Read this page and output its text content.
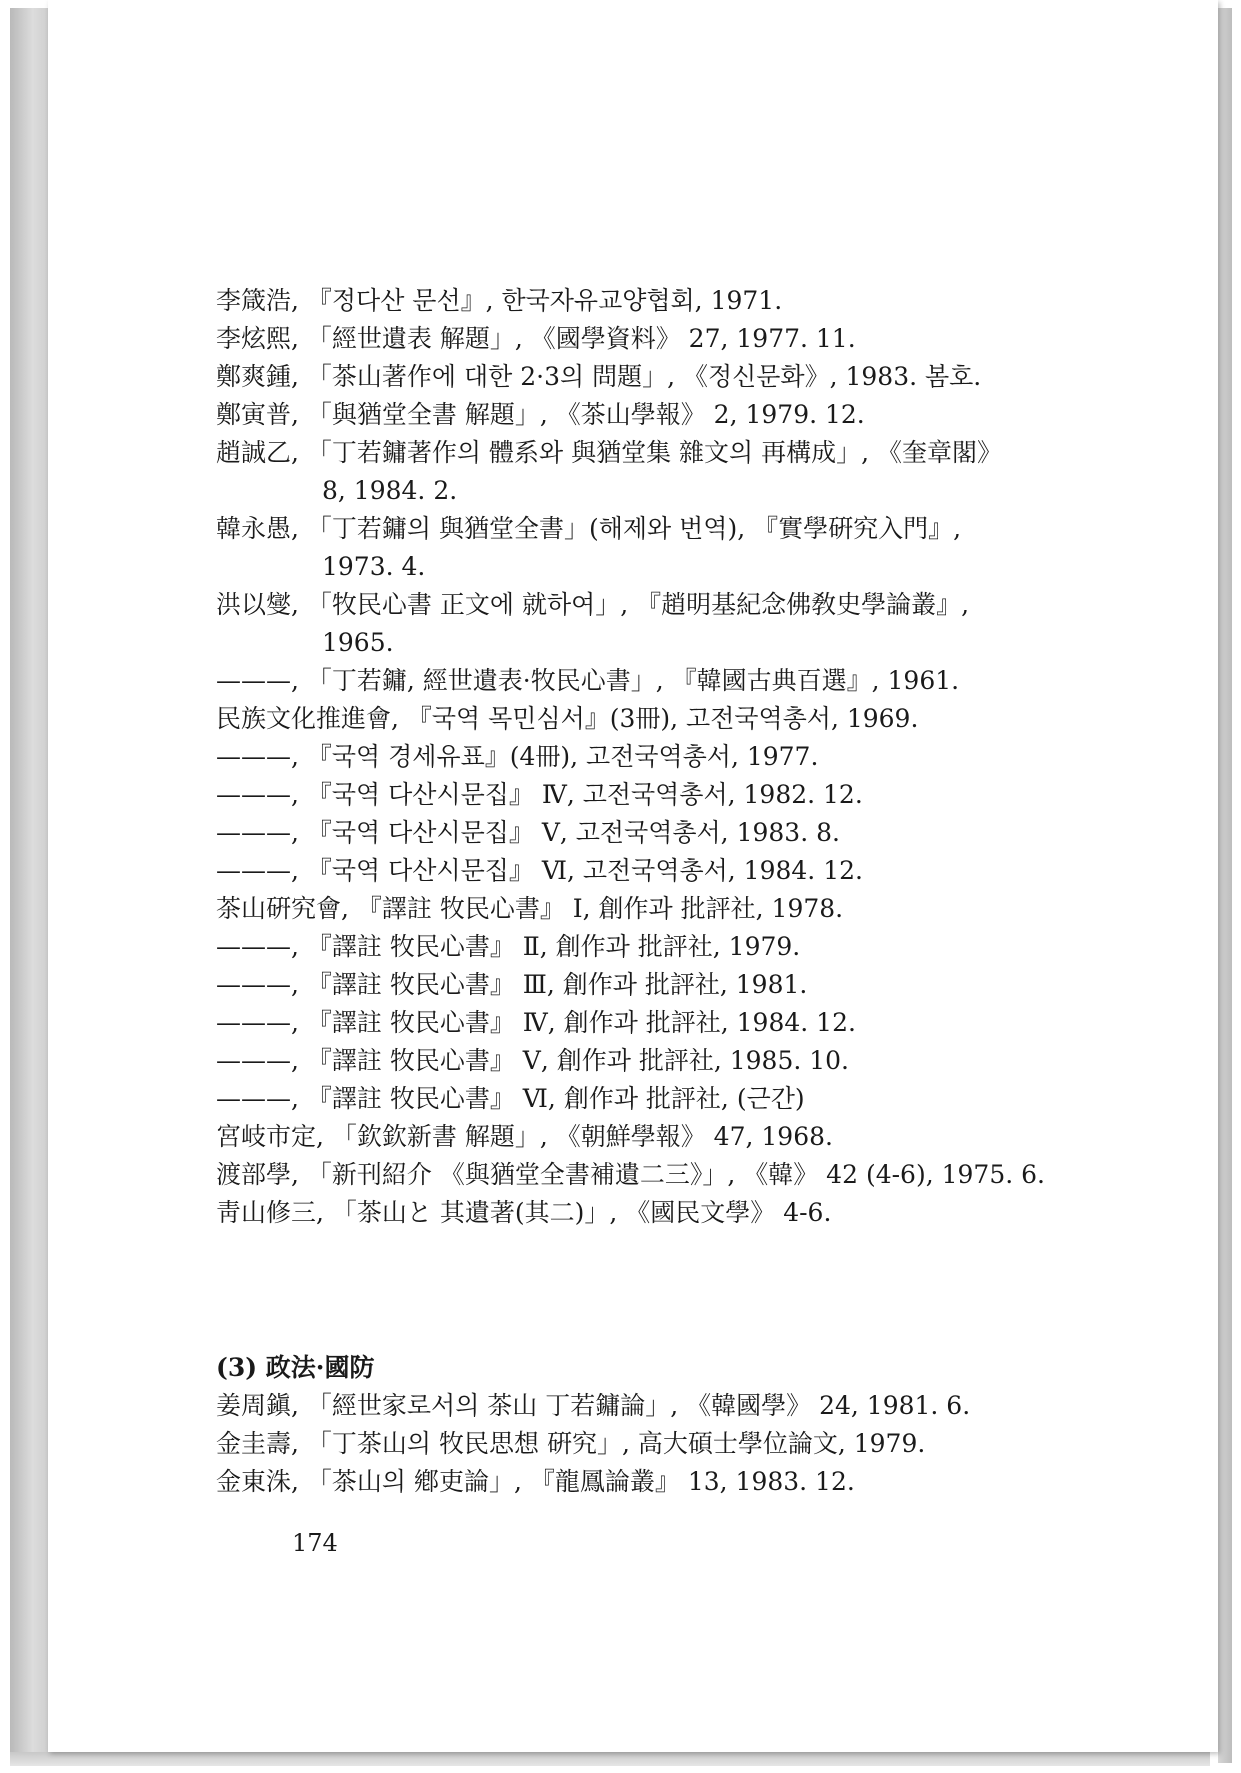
李箴浩, 『정다산 문선』, 한국자유교양협회, 1971.
李炫熙, 「經世遺表 解題」, 《國學資料》 27, 1977. 11.
鄭爽鍾, 「茶山著作에 대한 2·3의 問題」, 《정신문화》, 1983. 봄호.
鄭寅普, 「與猶堂全書 解題」, 《茶山學報》 2, 1979. 12.
趙誠乙, 「丁若鏞著作의 體系와 與猶堂集 雜文의 再構成」, 《奎章閣》
8, 1984. 2.
韓永愚, 「丁若鏞의 與猶堂全書」(해제와 번역), 『實學硏究入門』,
1973. 4.
洪以燮, 「牧民心書 正文에 就하여」, 『趙明基紀念佛敎史學論叢』,
1965.
———, 「丁若鏞, 經世遺表·牧民心書」, 『韓國古典百選』, 1961.
民族文化推進會, 『국역 목민심서』(3冊), 고전국역총서, 1969.
———, 『국역 경세유표』(4冊), 고전국역총서, 1977.
———, 『국역 다산시문집』 Ⅳ, 고전국역총서, 1982. 12.
———, 『국역 다산시문집』 Ⅴ, 고전국역총서, 1983. 8.
———, 『국역 다산시문집』 Ⅵ, 고전국역총서, 1984. 12.
茶山硏究會, 『譯註 牧民心書』 Ⅰ, 創作과 批評社, 1978.
———, 『譯註 牧民心書』 Ⅱ, 創作과 批評社, 1979.
———, 『譯註 牧民心書』 Ⅲ, 創作과 批評社, 1981.
———, 『譯註 牧民心書』 Ⅳ, 創作과 批評社, 1984. 12.
———, 『譯註 牧民心書』 Ⅴ, 創作과 批評社, 1985. 10.
———, 『譯註 牧民心書』 Ⅵ, 創作과 批評社, (근간)
宮岐市定, 「欽欽新書 解題」, 《朝鮮學報》 47, 1968.
渡部學, 「新刊紹介 《與猶堂全書補遺二三》」, 《韓》 42 (4-6), 1975. 6.
靑山修三, 「茶山と 其遺著(其二)」, 《國民文學》 4-6.
(3) 政法·國防
姜周鎭, 「經世家로서의 茶山 丁若鏞論」, 《韓國學》 24, 1981. 6.
金圭壽, 「丁茶山의 牧民思想 硏究」, 高大碩士學位論文, 1979.
金東洙, 「茶山의 鄕吏論」, 『龍鳳論叢』 13, 1983. 12.
174
